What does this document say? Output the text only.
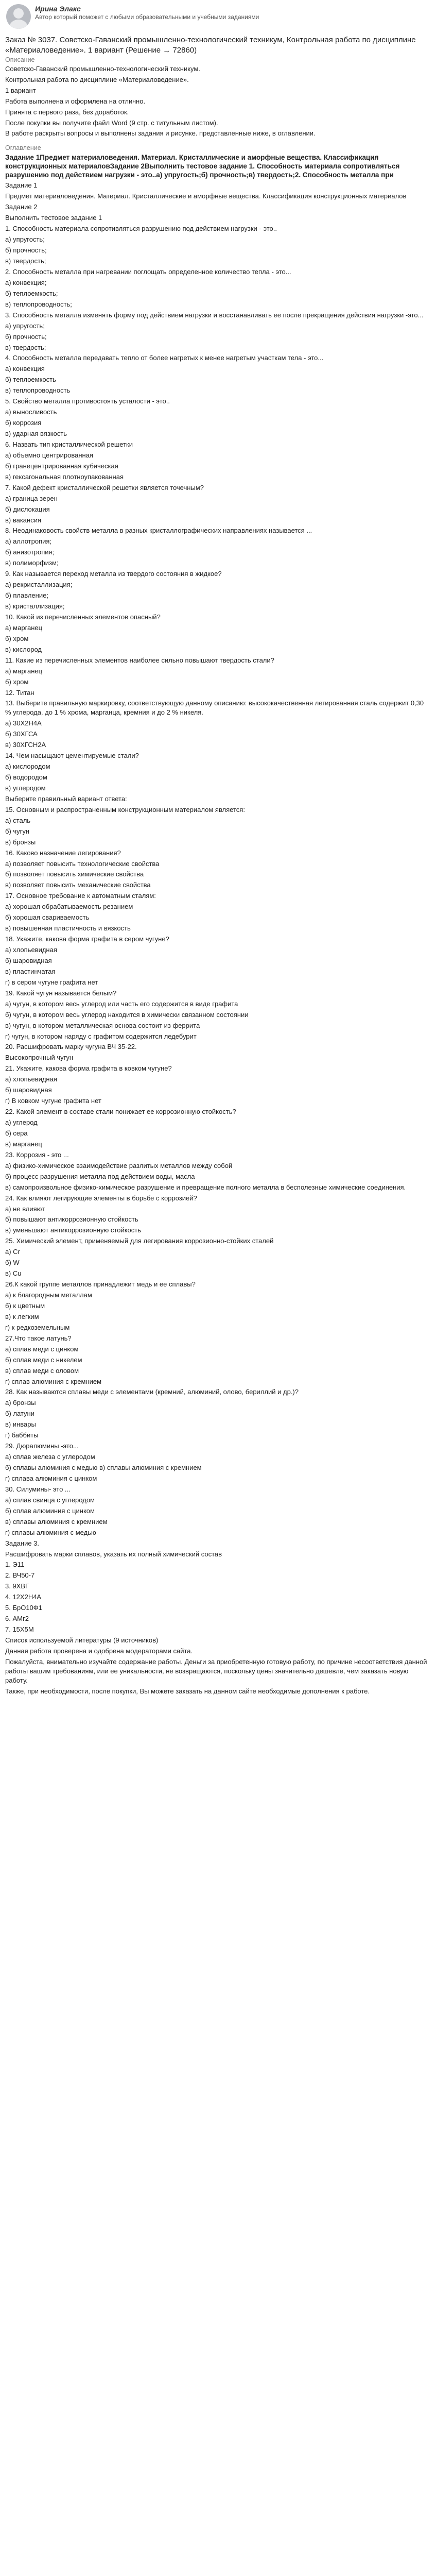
Ирина Элакс
Автор который поможет с любыми образовательными и учебными заданиями
Заказ № 3037. Советско-Гаванский промышленно-технологический техникум, Контрольная работа по дисциплине «Материаловедение». 1 вариант (Решение → 72860)
Описание
Советско-Гаванский промышленно-технологический техникум.
Контрольная работа по дисциплине «Материаловедение».
1 вариант
Работа выполнена и оформлена на отлично.
Принята с первого раза, без доработок.
После покупки вы получите файл Word (9 стр. с титульным листом).
В работе раскрыты вопросы и выполнены задания и рисунке. представленные ниже, в оглавлении.
Оглавление
Задание 1Предмет материаловедения. Материал. Кристаллические и аморфные вещества. Классификация конструкционных материаловЗадание 2Выполнить тестовое задание 1. Способность материала сопротивляться разрушению под действием нагрузки - это..а) упругость;б) прочность;в) твердость;2. Способность металла при
Задание 1
Предмет материаловедения. Материал. Кристаллические и аморфные вещества. Классификация конструкционных материалов
Задание 2
Выполнить тестовое задание 1
1. Способность материала сопротивляться разрушению под действием нагрузки - это..
а) упругость;
б) прочность;
в) твердость;
2. Способность металла при нагревании поглощать определенное количество тепла - это...
а) конвекция;
б) теплоемкость;
в) теплопроводность;
3. Способность металла изменять форму под действием нагрузки и восстанавливать ее после прекращения действия нагрузки -это...
а) упругость;
б) прочность;
в) твердость;
4. Способность металла передавать тепло от более нагретых к менее нагретым участкам тела - это...
а) конвекция
б) теплоемкость
в) теплопроводность
5. Свойство металла противостоять усталости - это..
а) выносливость
б) коррозия
в) ударная вязкость
6. Назвать тип кристаллической решетки
а) объемно центрированная
б) гранецентрированная кубическая
в) гексагональная плотноупакованная
7. Какой дефект кристаллической решетки является точечным?
а) граница зерен
б) дислокация
в) вакансия
8. Неодинаковость свойств металла в разных кристаллографических направлениях называется ...
а) аллотропия;
б) анизотропия;
в) полиморфизм;
9. Как называется переход металла из твердого состояния в жидкое?
а) рекристаллизация;
б) плавление;
в) кристаллизация;
10. Какой из перечисленных элементов опасный?
а) марганец
б) хром
в) кислород
11. Какие из перечисленных элементов наиболее сильно повышают твердость стали?
а) марганец
б) хром
12. Титан
13. Выберите правильную маркировку, соответствующую данному описанию: высококачественная легированная сталь содержит 0,30 % углерода, до 1 % хрома, марганца, кремния и до 2 % никеля.
а) 30X2H4A
б) 30XГСА
в) 30XГСН2А
14. Чем насыщают цементируемые стали?
а) кислородом
б) водородом
в) углеродом
Выберите правильный вариант ответа:
15. Основным и распространенным конструкционным материалом является:
а) сталь
б) чугун
в) бронзы
16. Каково назначение легирования?
а) позволяет повысить технологические свойства
б) позволяет повысить химические свойства
в) позволяет повысить механические свойства
17. Основное требование к автоматным сталям:
а) хорошая обрабатываемость резанием
б) хорошая свариваемость
в) повышенная пластичность и вязкость
18. Укажите, какова форма графита в сером чугуне?
а) хлопьевидная
б) шаровидная
в) пластинчатая
г) в сером чугуне графита нет
19. Какой чугун называется белым?
а) чугун, в котором весь углерод или часть его содержится в виде графита
б) чугун, в котором весь углерод находится в химически связанном состоянии
в) чугун, в котором металлическая основа состоит из феррита
г) чугун, в котором наряду с графитом содержится ледебурит
20. Расшифровать марку чугуна ВЧ 35-22.
Высокопрочный чугун
21. Укажите, какова форма графита в ковком чугуне?
а) хлопьевидная
б) шаровидная
г) В ковком чугуне графита нет
22. Какой элемент в составе стали понижает ее коррозионную стойкость?
а) углерод
б) сера
в) марганец
23. Коррозия - это ...
а) физико-химическое взаимодействие разлитых металлов между собой
б) процесс разрушения металла под действием воды, масла
в) самопроизвольное физико-химическое разрушение и превращение полного металла в бесполезные химические соединения.
24. Как влияют легирующие элементы в борьбе с коррозией?
а) не влияют
б) повышают антикоррозионную стойкость
в) уменьшают антикоррозионную стойкость
25. Химический элемент, применяемый для легирования коррозионно-стойких сталей
а) Cr
б) W
в) Cu
26.К какой группе металлов принадлежит медь и ее сплавы?
а) к благородным металлам
б) к цветным
в) к легким
г) к редкоземельным
27.Что такое латунь?
а) сплав меди с цинком
б) сплав меди с никелем
в) сплав меди с оловом
г) сплав алюминия с кремнием
28. Как называются сплавы меди с элементами (кремний, алюминий, олово, бериллий и др.)?
а) бронзы
б) латуни
в) инвары
г) баббиты
29. Дюралюмины -это...
а) сплав железа с углеродом
б) сплавы алюминия с медью в) сплавы алюминия с кремнием
г) сплава алюминия с цинком
30. Силумины- это ...
а) сплав свинца с углеродом
б) сплав алюминия с цинком
в) сплавы алюминия с кремнием
г) сплавы алюминия с медью
Задание 3.
Расшифровать марки сплавов, указать их полный химический состав
1. Э11
2. ВЧ50-7
3. 9ХВГ
4. 12Х2Н4А
5. БрО10Ф1
6. АМг2
7. 15Х5М
Список используемой литературы (9 источников)
Данная работа проверена и одобрена модераторами сайта.
Пожалуйста, внимательно изучайте содержание работы. Деньги за приобретенную готовую работу, по причине несоответствия данной работы вашим требованиям, или ее уникальности, не возвращаются, поскольку цены значительно дешевле, чем заказать новую работу.
Также, при необходимости, после покупки, Вы можете заказать на данном сайте необходимые дополнения к работе.
